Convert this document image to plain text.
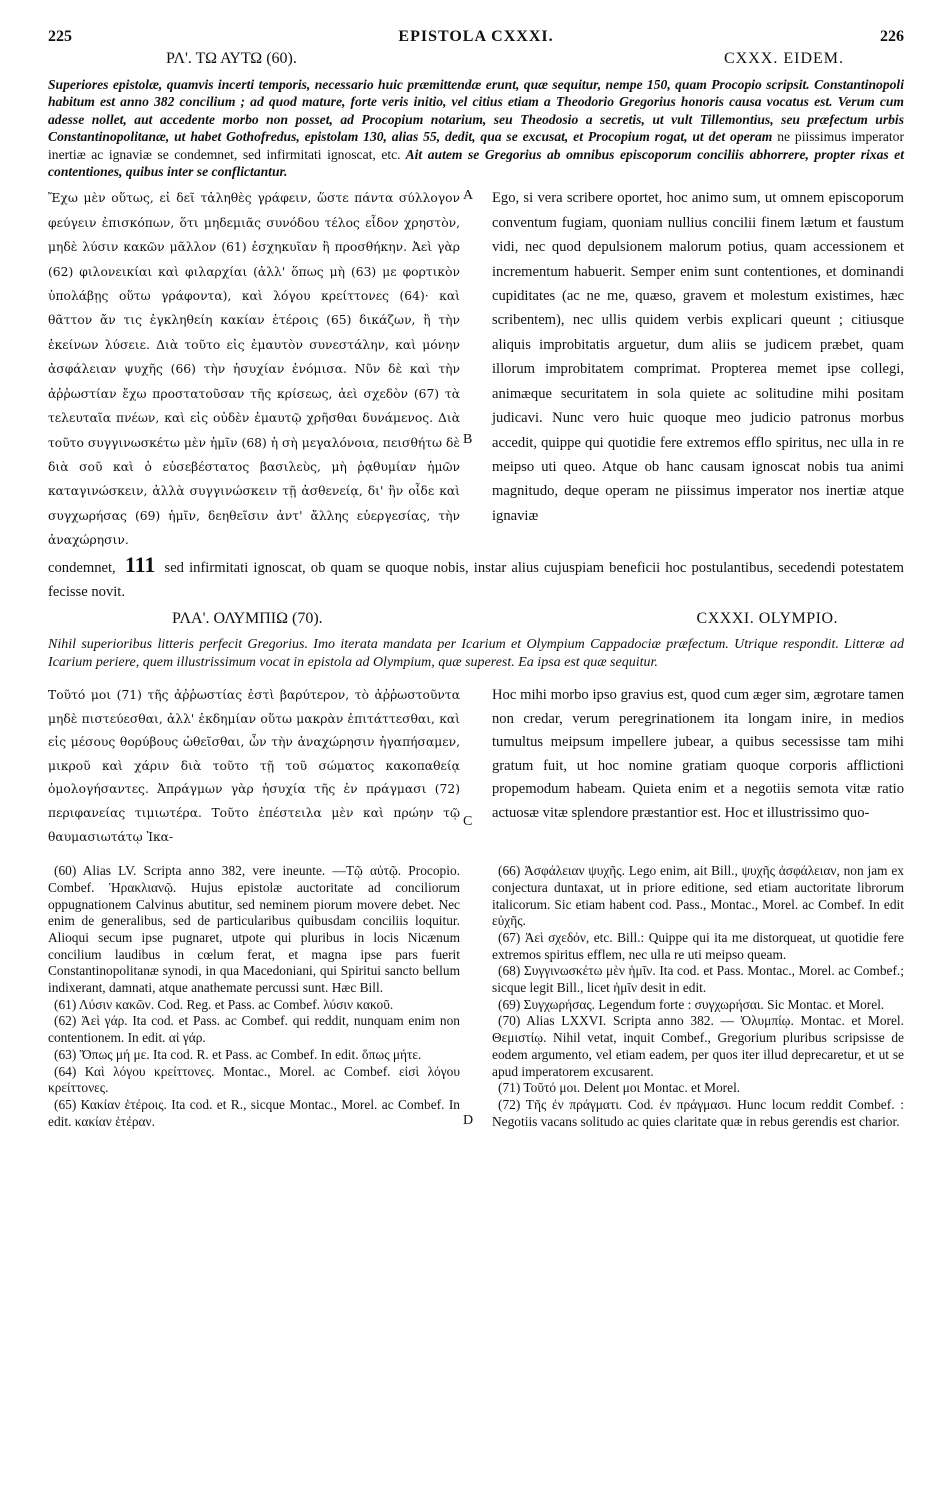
225	EPISTOLA CXXXI.	226
ΡΛ'. ΤΩ ΑΥΤΩ (60).	CXXX. EIDEM.
Superiores epistolæ, quamvis incerti temporis, necessario huic præmittendæ erunt, quæ sequitur, nempe 150, quam Procopio scripsit. Constantinopoli habitum est anno 382 concilium ; ad quod mature, forte veris initio, vel citius etiam a Theodorio Gregorius honoris causa vocatus est. Verum cum adesse nollet, aut accedente morbo non posset, ad Procopium notarium, seu Theodosio a secretis, ut vult Tillemontius, seu præfectum urbis Constantinopolitanæ, ut habet Gothofredus, epistolam 130, alias 55, dedit, qua se excusat, et Procopium rogat, ut det operam ne piissimus imperator inertiæ ac ignaviæ se condemnet, sed infirmitati ignoscat, etc. Ait autem se Gregorius ab omnibus episcoporum conciliis abhorrere, propter rixas et contentiones, quibus inter se conflictantur.
Ἔχω μὲν οὕτως, εἰ δεῖ τἀληθὲς γράφειν, ὥστε πάντα σύλλογον φεύγειν ἐπισκόπων, ὅτι μηδεμιᾶς συνόδου τέλος εἶδον χρηστὸν, μηδὲ λύσιν κακῶν μᾶλλον (61) ἐσχηκυῖαν ἢ προσθήκην. Ἀεὶ γὰρ (62) φιλονεικίαι καὶ φιλαρχίαι (ἀλλ' ὅπως μὴ (63) με φορτικὸν ὑπολάβῃς οὕτω γράφοντα), καὶ λόγου κρείττονες (64)· καὶ θᾶττον ἄν τις ἐγκληθείη κακίαν ἑτέροις (65) δικάζων, ἢ τὴν ἐκείνων λύσειε. Διὰ τοῦτο εἰς ἐμαυτὸν συνεστάλην, καὶ μόνην ἀσφάλειαν ψυχῆς (66) τὴν ἡσυχίαν ἐνόμισα. Νῦν δὲ καὶ τὴν ἀῤῥωστίαν ἔχω προστατοῦσαν τῆς κρίσεως, ἀεὶ σχεδὸν (67) τὰ τελευταῖα πνέων, καὶ εἰς οὐδὲν ἐμαυτῷ χρῆσθαι δυνάμενος. Διὰ τοῦτο συγγινωσκέτω μὲν ἡμῖν (68) ἡ σὴ μεγαλόνοια, πεισθήτω δὲ διὰ σοῦ καὶ ὁ εὐσεβέστατος βασιλεὺς, μὴ ῥᾳθυμίαν ἡμῶν καταγινώσκειν, ἀλλὰ συγγινώσκειν τῇ ἀσθενείᾳ, δι' ἣν οἶδε καὶ συγχωρήσας (69) ἡμῖν, δεηθεῖσιν ἀντ' ἄλλης εὐεργεσίας, τὴν ἀναχώρησιν.
A
B
Ego, si vera scribere oportet, hoc animo sum, ut omnem episcoporum conventum fugiam, quoniam nullius concilii finem lætum et faustum vidi, nec quod depulsionem malorum potius, quam accessionem et incrementum habuerit. Semper enim sunt contentiones, et dominandi cupiditates (ac ne me, quæso, gravem et molestum existimes, hæc scribentem), nec ullis quidem verbis explicari queunt ; citiusque aliquis improbitatis arguetur, dum aliis se judicem præbet, quam illorum improbitatem comprimat. Propterea memet ipse collegi, animæque securitatem in sola quiete ac solitudine mihi positam judicavi. Nunc vero huic quoque meo judicio patronus morbus accedit, quippe qui quotidie fere extremos efflo spiritus, nec ulla in re meipso uti queo. Atque ob hanc causam ignoscat nobis tua animi magnitudo, deque operam ne piissimus imperator nos inertiæ atque ignaviæ
condemnet, 111 sed infirmitati ignoscat, ob quam se quoque nobis, instar alius cujuspiam beneficii hoc postulantibus, secedendi potestatem fecisse novit.
ΡΛΑ'. ΟΛΥΜΠΙΩ (70).	CXXXI. OLYMPIO.
Nihil superioribus litteris perfecit Gregorius. Imo iterata mandata per Icarium et Olympium Cappadociæ præfectum. Utrique respondit. Litteræ ad Icarium periere, quem illustrissimum vocat in epistola ad Olympium, quæ superest. Ea ipsa est quæ sequitur.
Τοῦτό μοι (71) τῆς ἀῤῥωστίας ἐστὶ βαρύτερον, τὸ ἀῤῥωστοῦντα μηδὲ πιστεύεσθαι, ἀλλ' ἐκδημίαν οὕτω μακρὰν ἐπιτάττεσθαι, καὶ εἰς μέσους θορύβους ὠθεῖσθαι, ὧν τὴν ἀναχώρησιν ἠγαπήσαμεν, μικροῦ καὶ χάριν διὰ τοῦτο τῇ τοῦ σώματος κακοπαθείᾳ ὁμολογήσαντες. Ἀπράγμων γὰρ ἡσυχία τῆς ἐν πράγμασι (72) περιφανείας τιμιωτέρα. Τοῦτο ἐπέστειλα μὲν καὶ πρώην τῷ θαυμασιωτάτῳ Ἰκα-
C
Hoc mihi morbo ipso gravius est, quod cum æger sim, ægrotare tamen non credar, verum peregrinationem ita longam inire, in medios tumultus meipsum impellere jubear, a quibus secessisse tam mihi gratum fuit, ut hoc nomine gratiam quoque corporis afflictioni propemodum habeam. Quieta enim et a negotiis semota vitæ ratio actuosæ vitæ splendore præstantior est. Hoc et illustrissimo quo-

(60) Alias LV. Scripta anno 382, vere ineunte. —Τῷ αὐτῷ. Procopio. Combef. Ἡρακλιανῷ. Hujus epistolæ auctoritate ad conciliorum oppugnationem Calvinus abutitur, sed neminem piorum movere debet. Nec enim de generalibus, sed de particularibus quibusdam conciliis loquitur. Alioqui secum ipse pugnaret, utpote qui pluribus in locis Nicænum concilium laudibus in cœlum ferat, et magna ipse pars fuerit Constantinopolitanæ synodi, in qua Macedoniani, qui Spiritui sancto bellum indixerant, damnati, atque anathemate percussi sunt. Hæc Bill.

(61) Λύσιν κακῶν. Cod. Reg. et Pass. ac Combef. λύσιν κακοῦ.

(62) Ἀεὶ γάρ. Ita cod. et Pass. ac Combef. qui reddit, nunquam enim non contentionem. In edit. αἱ γάρ.

(63) Ὅπως μή με. Ita cod. R. et Pass. ac Combef. In edit. ὅπως μήτε.

(64) Καὶ λόγου κρείττονες. Montac., Morel. ac Combef. εἰσὶ λόγου κρείττονες.

(65) Κακίαν ἑτέροις. Ita cod. et R., sicque Montac., Morel. ac Combef. In edit. κακίαν ἑτέραν.	D

(66) Ἀσφάλειαν ψυχῆς. Lego enim, ait Bill., ψυχῆς ἀσφάλειαν, non jam ex conjectura duntaxat, ut in priore editione, sed etiam auctoritate librorum italicorum. Sic etiam habent cod. Pass., Montac., Morel. ac Combef. In edit εὐχῆς.

(67) Ἀεὶ σχεδόν, etc. Bill.: Quippe qui ita me distorqueat, ut quotidie fere extremos spiritus efflem, nec ulla re uti meipso queam.

(68) Συγγινωσκέτω μὲν ἡμῖν. Ita cod. et Pass. Montac., Morel. ac Combef.; sicque legit Bill., licet ἡμῖν desit in edit.

(69) Συγχωρήσας. Legendum forte : συγχωρήσαι. Sic Montac. et Morel.

(70) Alias LXXVI. Scripta anno 382. — Ὀλυμπίῳ. Montac. et Morel. Θεμιστίῳ. Nihil vetat, inquit Combef., Gregorium pluribus scripsisse de eodem argumento, vel etiam eadem, per quos iter illud deprecaretur, et ut se apud imperatorem excusarent.

(71) Τοῦτό μοι. Delent μοι Montac. et Morel.

(72) Τῆς ἐν πράγματι. Cod. ἐν πράγμασι. Hunc locum reddit Combef. : Negotiis vacans solitudo ac quies claritate quæ in rebus gerendis est charior.
